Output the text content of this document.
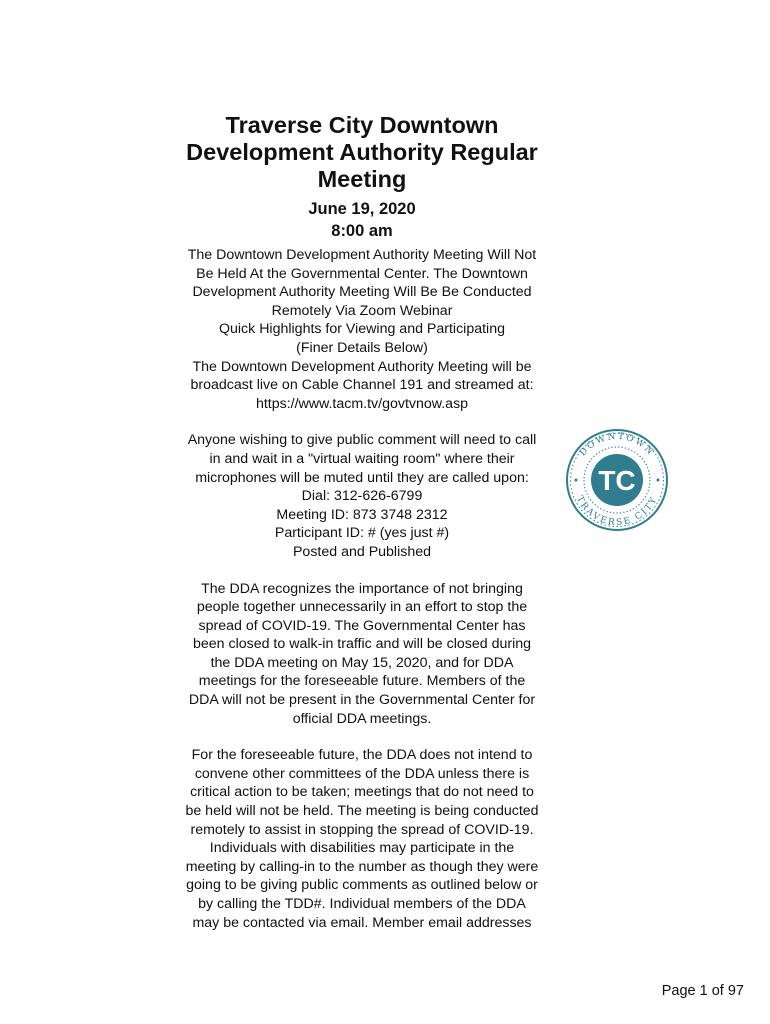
Traverse City Downtown Development Authority Regular Meeting
June 19, 2020
8:00 am

The Downtown Development Authority Meeting Will Not

Be Held At the Governmental Center. The Downtown

Development Authority Meeting Will Be Be Conducted

Remotely Via Zoom Webinar

Quick Highlights for Viewing and Participating

(Finer Details Below)

The Downtown Development Authority Meeting will be

broadcast live on Cable Channel 191 and streamed at:

https://www.tacm.tv/govtvnow.asp

Anyone wishing to give public comment will need to call

in and wait in a "virtual waiting room" where their

microphones will be muted until they are called upon:

Dial: 312-626-6799

Meeting ID: 873 3748 2312

Participant ID: # (yes just #)

Posted and Published

The DDA recognizes the importance of not bringing

people together unnecessarily in an effort to stop the

spread of COVID-19. The Governmental Center has

been closed to walk-in traffic and will be closed during

the DDA meeting on May 15, 2020, and for DDA

meetings for the foreseeable future. Members of the

DDA will not be present in the Governmental Center for

official DDA meetings.

For the foreseeable future, the DDA does not intend to

convene other committees of the DDA unless there is

critical action to be taken; meetings that do not need to

be held will not be held. The meeting is being conducted

remotely to assist in stopping the spread of COVID-19.

Individuals with disabilities may participate in the

meeting by calling-in to the number as though they were

going to be giving public comments as outlined below or

by calling the TDD#. Individual members of the DDA

may be contacted via email. Member email addresses

DOWNTOWN
TRAVERSE CITY
TC
Page 1 of 97
